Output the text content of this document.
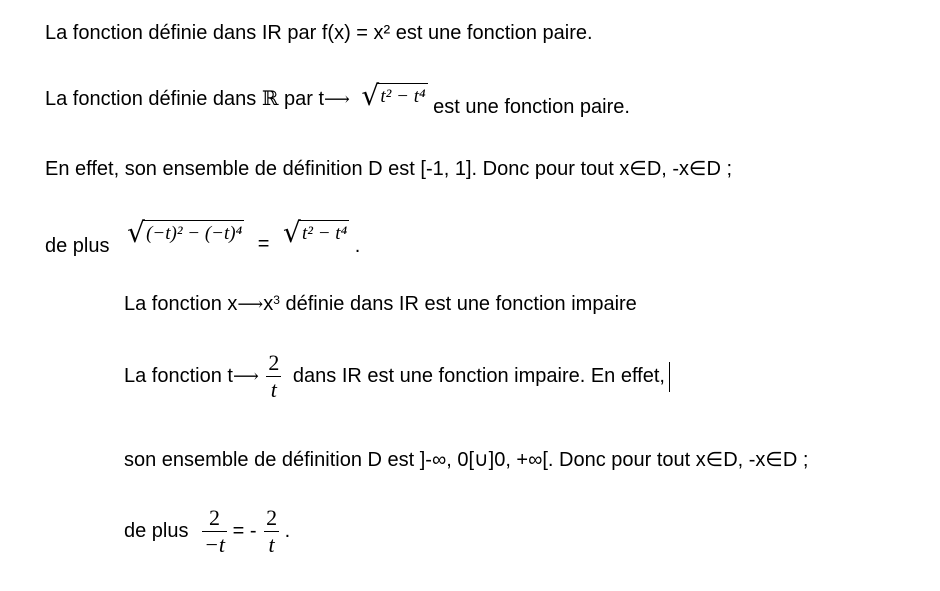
La fonction définie dans IR par f(x) = x² est une fonction paire.
La fonction définie dans ℝ par t⟶ √ t² − t⁴ est une fonction paire.
En effet, son ensemble de définition D est [-1, 1]. Donc pour tout x∈D, -x∈D ;
de plus √ (−t)² − (−t)⁴ = √ t² − t⁴ .
La fonction $x⟶x^3$ définie dans IR est une fonction impaire
La fonction t⟶ $\frac{2}{t}$ dans IR est une fonction impaire. En effet,
son ensemble de définition D est ]-∞, 0[∪]0, +∞[. Donc pour tout x∈D, -x∈D ;
de plus $\frac{2}{-t}$ = - $\frac{2}{t}$ .
